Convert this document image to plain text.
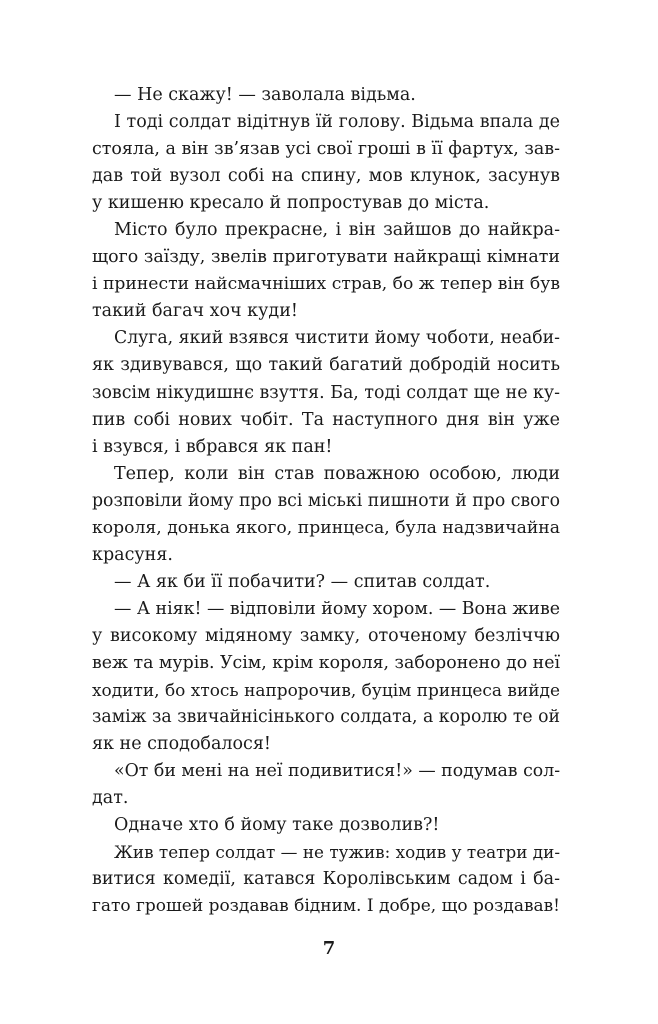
— Не скажу! — заволала відьма.
І тоді солдат відітнув їй голову. Відьма впала де
стояла, а він зв’язав усі свої гроші в її фартух, зав-
дав той вузол собі на спину, мов клунок, засунув
у кишеню кресало й попростував до міста.
Місто було прекрасне, і він зайшов до найкра-
щого заїзду, звелів приготувати найкращі кімнати
і принести найсмачніших страв, бо ж тепер він був
такий багач хоч куди!
Слуга, який взявся чистити йому чоботи, неаби-
як здивувався, що такий багатий добродій носить
зовсім нікудишнє взуття. Ба, тоді солдат ще не ку-
пив собі нових чобіт. Та наступного дня він уже
і взувся, і вбрався як пан!
Тепер, коли він став поважною особою, люди
розповіли йому про всі міські пишноти й про свого
короля, донька якого, принцеса, була надзвичайна
красуня.
— А як би її побачити? — спитав солдат.
— А ніяк! — відповіли йому хором. — Вона живе
у високому мідяному замку, оточеному безліччю
веж та мурів. Усім, крім короля, заборонено до неї
ходити, бо хтось напророчив, буцім принцеса вийде
заміж за звичайнісінького солдата, а королю те ой
як не сподобалося!
«От би мені на неї подивитися!» — подумав сол-
дат.
Одначе хто б йому таке дозволив?!
Жив тепер солдат — не тужив: ходив у театри ди-
витися комедії, катався Королівським садом і ба-
гато грошей роздавав бідним. І добре, що роздавав!
7
